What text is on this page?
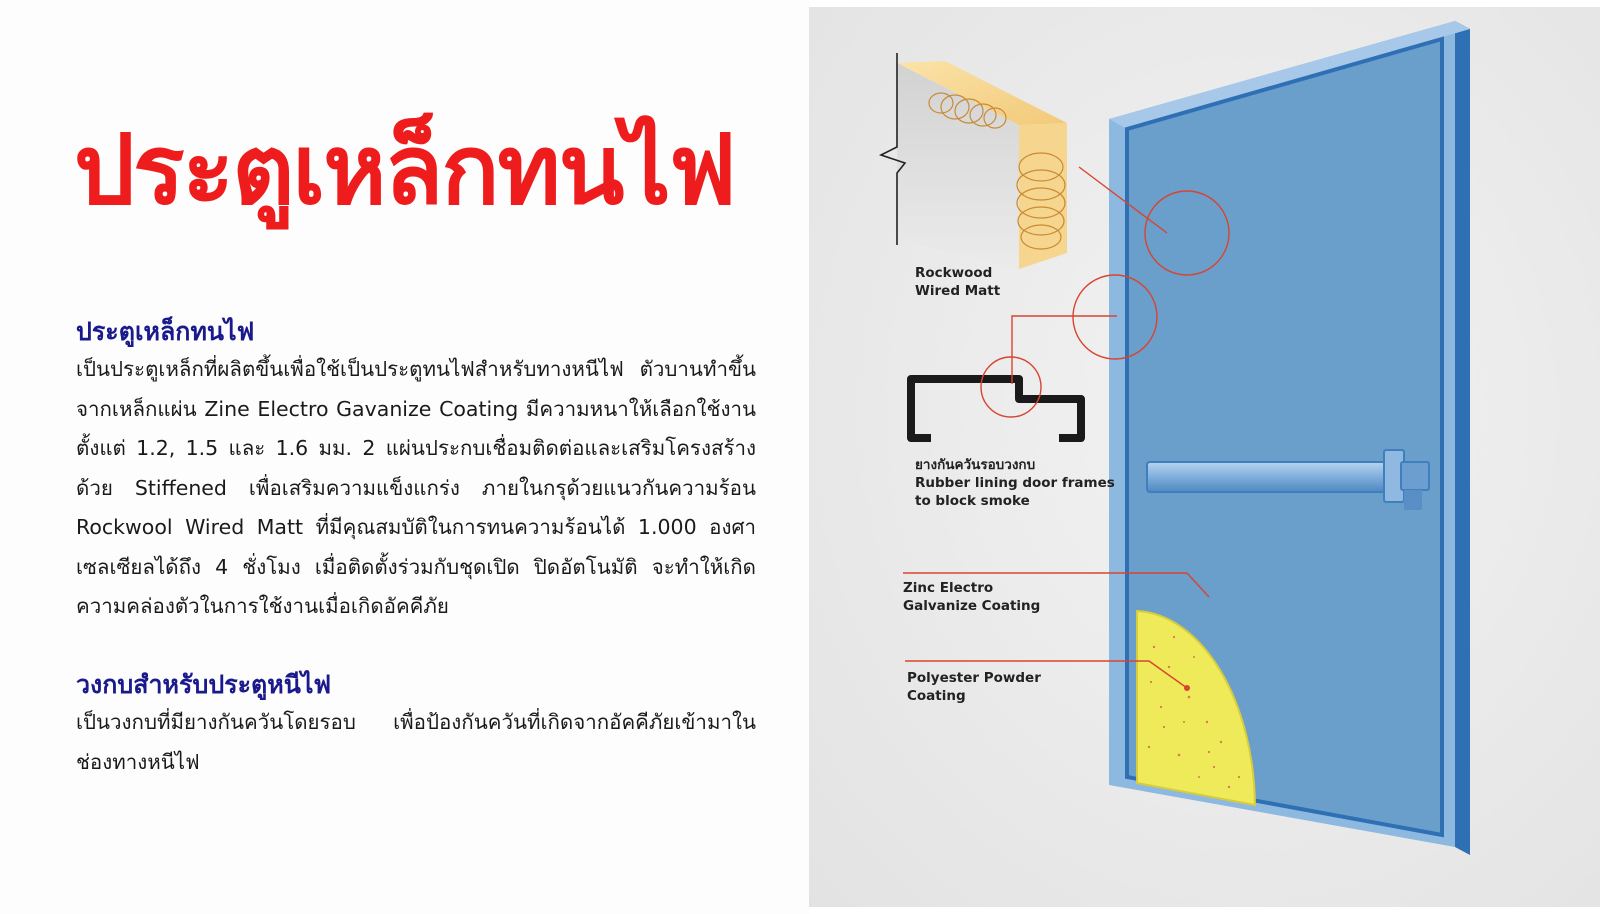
ประตูเหล็กทนไฟ
ประตูเหล็กทนไฟ
เป็นประตูเหล็กที่ผลิตขึ้นเพื่อใช้เป็นประตูทนไฟสำหรับทางหนีไฟ ตัวบานทำขึ้นจากเหล็กแผ่น Zine Electro Gavanize Coating มีความหนาให้เลือกใช้งานตั้งแต่ 1.2, 1.5 และ 1.6 มม. 2 แผ่นประกบเชื่อมติดต่อและเสริมโครงสร้างด้วย Stiffened เพื่อเสริมความแข็งแกร่ง ภายในกรุด้วยแนวกันความร้อน Rockwool Wired Matt ที่มีคุณสมบัติในการทนความร้อนได้ 1.000 องศาเซลเซียลได้ถึง 4 ชั่งโมง เมื่อติดตั้งร่วมกับชุดเปิด ปิดอัตโนมัติ จะทำให้เกิดความคล่องตัวในการใช้งานเมื่อเกิดอัคคีภัย
วงกบสำหรับประตูหนีไฟ
เป็นวงกบที่มียางกันควันโดยรอบ เพื่อป้องกันควันที่เกิดจากอัคคีภัยเข้ามาในช่องทางหนีไฟ
Rockwood
Wired Matt
ยางกันควันรอบวงกบ
Rubber lining door frames
to block smoke
Zinc Electro
Galvanize Coating
Polyester Powder
Coating
